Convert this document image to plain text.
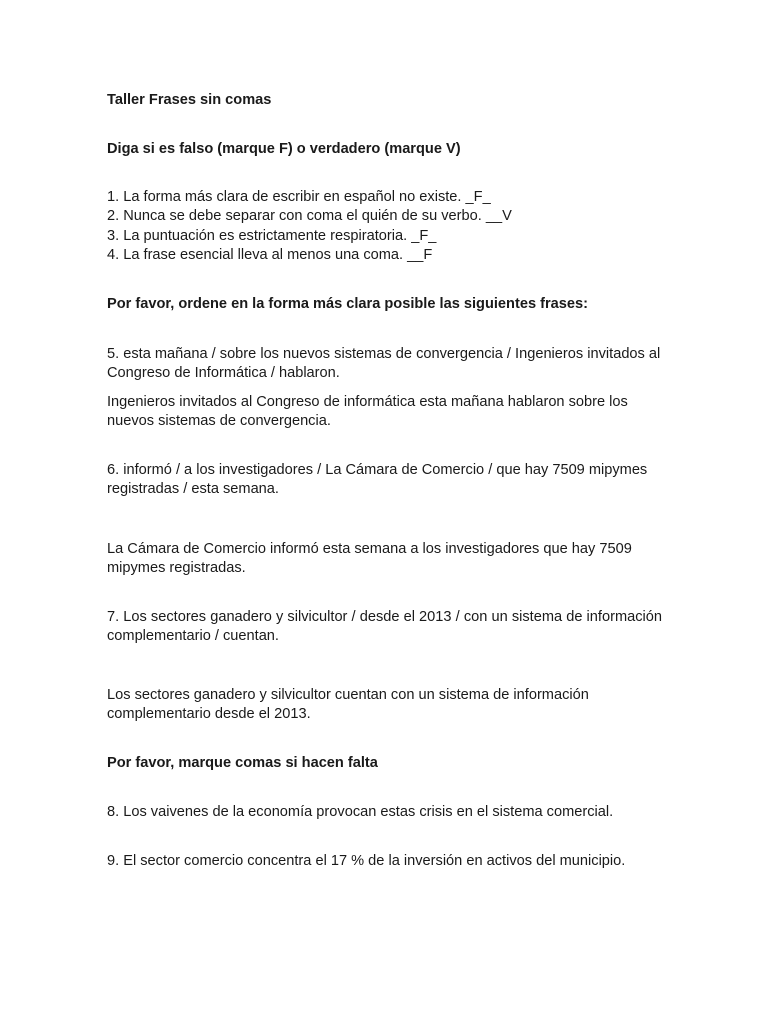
Taller Frases sin comas

Diga si es falso (marque F) o verdadero (marque V)

1. La forma más clara de escribir en español no existe. _F_

2. Nunca se debe separar con coma el quién de su verbo. __V

3. La puntuación es estrictamente respiratoria. _F_

4. La frase esencial lleva al menos una coma. __F

Por favor, ordene en la forma más clara posible las siguientes frases:

5. esta mañana / sobre los nuevos sistemas de convergencia / Ingenieros invitados al Congreso de Informática / hablaron.

Ingenieros invitados al Congreso de informática esta mañana hablaron sobre los nuevos sistemas de convergencia.

6. informó / a los investigadores / La Cámara de Comercio / que hay 7509 mipymes registradas / esta semana.

La Cámara de Comercio informó esta semana a los investigadores que hay 7509 mipymes registradas.

7. Los sectores ganadero y silvicultor / desde el 2013 / con un sistema de información complementario / cuentan.

Los sectores ganadero y silvicultor cuentan con un sistema de información complementario desde el 2013.

Por favor, marque comas si hacen falta

8. Los vaivenes de la economía provocan estas crisis en el sistema comercial.

9. El sector comercio concentra el 17 % de la inversión en activos del municipio.
